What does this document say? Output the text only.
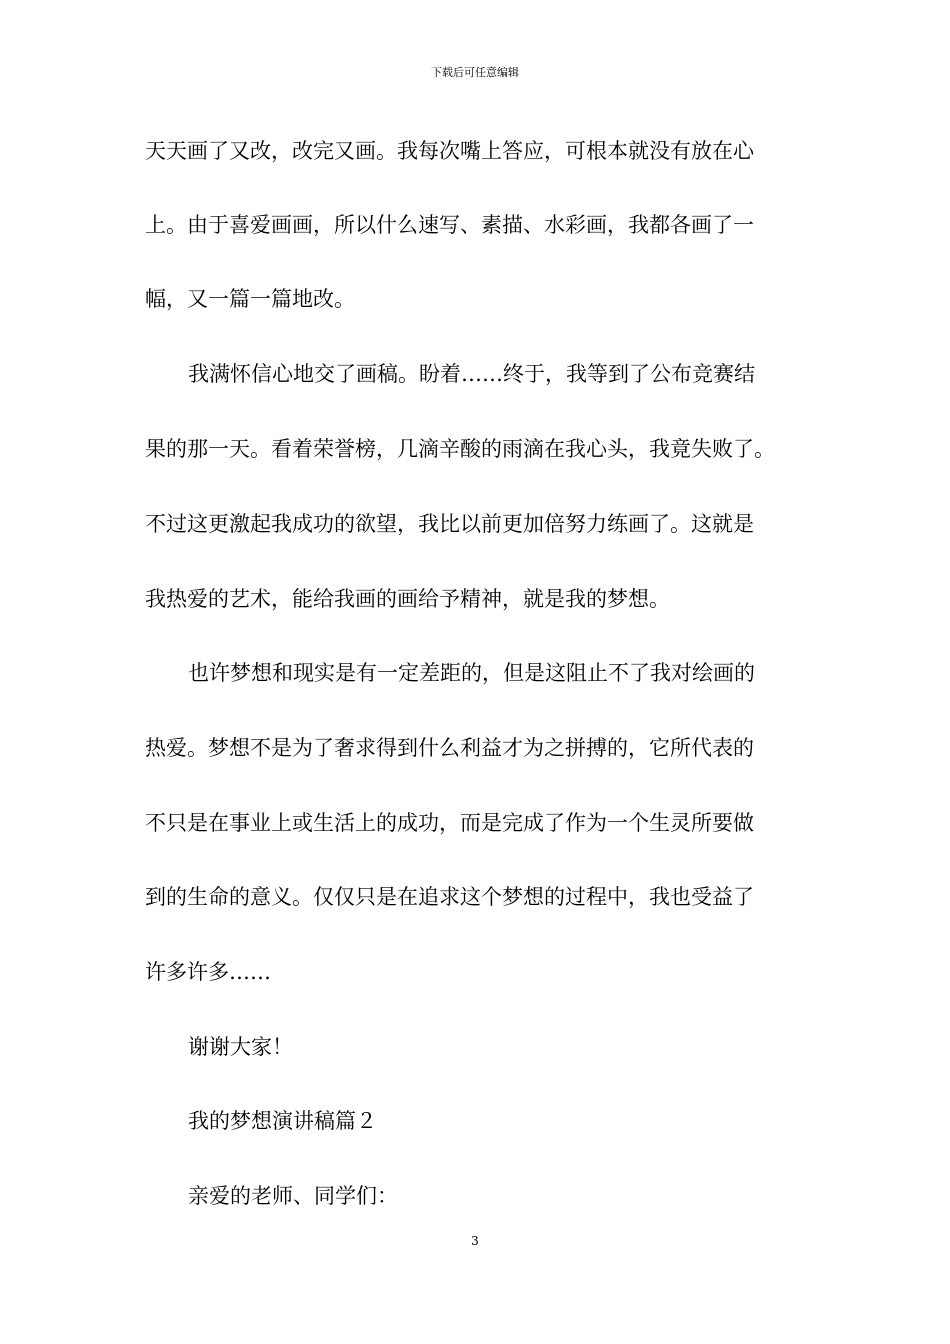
下载后可任意编辑
天天画了又改，改完又画。我每次嘴上答应，可根本就没有放在心
上。由于喜爱画画，所以什么速写、素描、水彩画，我都各画了一
幅，又一篇一篇地改。
我满怀信心地交了画稿。盼着……终于，我等到了公布竞赛结
果的那一天。看着荣誉榜，几滴辛酸的雨滴在我心头，我竟失败了。
不过这更激起我成功的欲望，我比以前更加倍努力练画了。这就是
我热爱的艺术，能给我画的画给予精神，就是我的梦想。
也许梦想和现实是有一定差距的，但是这阻止不了我对绘画的
热爱。梦想不是为了奢求得到什么利益才为之拼搏的，它所代表的
不只是在事业上或生活上的成功，而是完成了作为一个生灵所要做
到的生命的意义。仅仅只是在追求这个梦想的过程中，我也受益了
许多许多……
谢谢大家！
我的梦想演讲稿篇２
亲爱的老师、同学们：
3
